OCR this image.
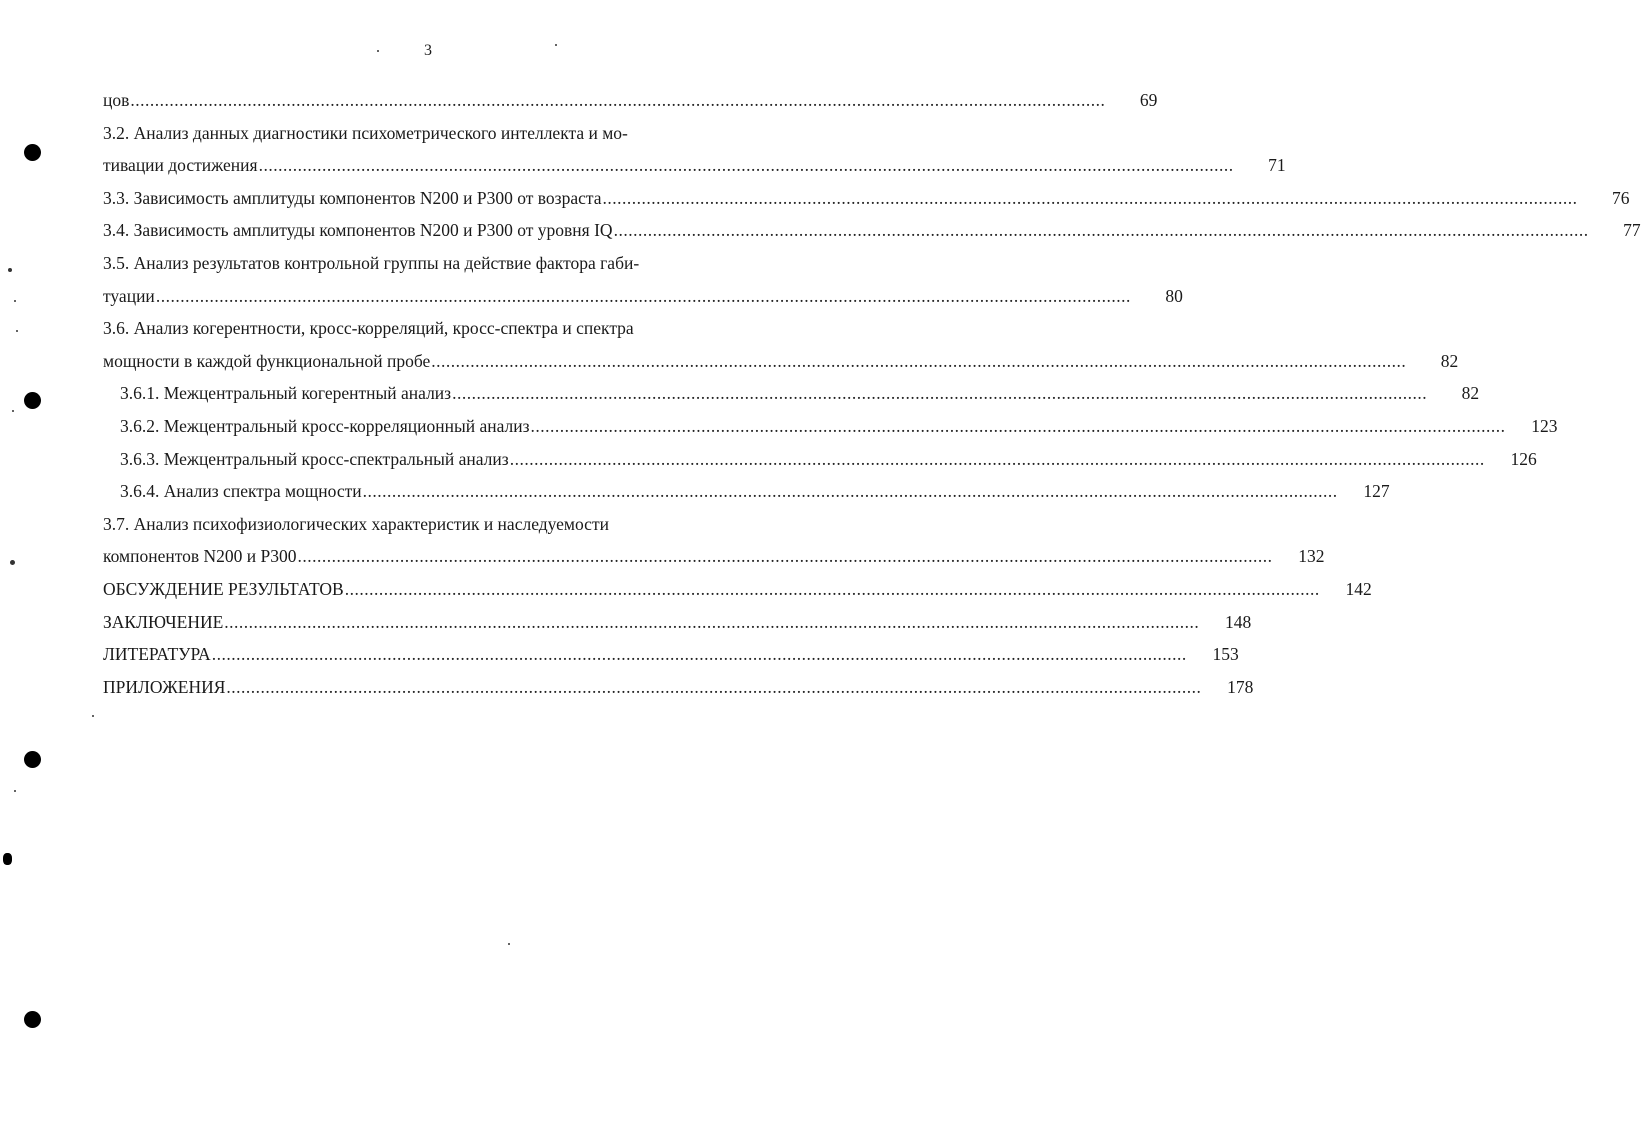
3
цов ........................................................................................................................................................................................................	69
3.2. Анализ данных диагностики психометрического интеллекта и мо-
тивации достижения ........................................................................................................................................................................................................	71
3.3. Зависимость амплитуды компонентов N200 и P300 от возраста ........................................................................................................................................................................................................	76
3.4. Зависимость амплитуды компонентов N200 и P300 от уровня IQ ........................................................................................................................................................................................................	77
3.5. Анализ результатов контрольной группы на действие фактора габи-
туации ........................................................................................................................................................................................................	80
3.6. Анализ когерентности, кросс-корреляций, кросс-спектра и спектра
мощности в каждой функциональной пробе ........................................................................................................................................................................................................	82
3.6.1. Межцентральный когерентный анализ ........................................................................................................................................................................................................	82
3.6.2. Межцентральный кросс-корреляционный анализ ........................................................................................................................................................................................................	123
3.6.3. Межцентральный кросс-спектральный анализ ........................................................................................................................................................................................................	126
3.6.4. Анализ спектра мощности ........................................................................................................................................................................................................	127
3.7. Анализ психофизиологических характеристик и наследуемости
компонентов N200 и P300 ........................................................................................................................................................................................................	132
ОБСУЖДЕНИЕ РЕЗУЛЬТАТОВ ........................................................................................................................................................................................................	142
ЗАКЛЮЧЕНИЕ ........................................................................................................................................................................................................	148
ЛИТЕРАТУРА ........................................................................................................................................................................................................	153
ПРИЛОЖЕНИЯ ........................................................................................................................................................................................................	178
